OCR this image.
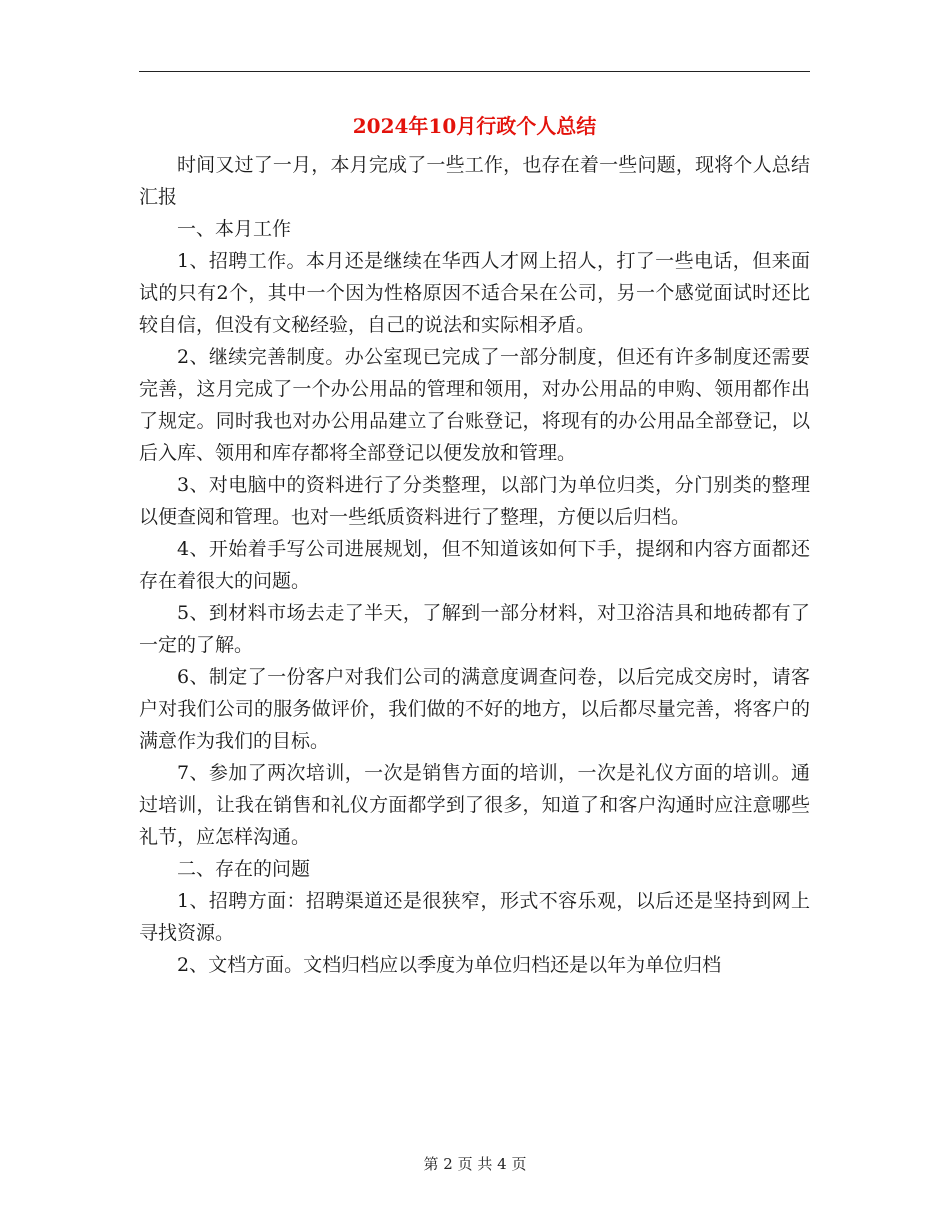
2024年10月行政个人总结

时间又过了一月，本月完成了一些工作，也存在着一些问题，现将个人总结汇报

一、本月工作

1、招聘工作。本月还是继续在华西人才网上招人，打了一些电话，但来面试的只有2个，其中一个因为性格原因不适合呆在公司，另一个感觉面试时还比较自信，但没有文秘经验，自己的说法和实际相矛盾。

2、继续完善制度。办公室现已完成了一部分制度，但还有许多制度还需要完善，这月完成了一个办公用品的管理和领用，对办公用品的申购、领用都作出了规定。同时我也对办公用品建立了台账登记，将现有的办公用品全部登记，以后入库、领用和库存都将全部登记以便发放和管理。

3、对电脑中的资料进行了分类整理，以部门为单位归类，分门别类的整理以便查阅和管理。也对一些纸质资料进行了整理，方便以后归档。

4、开始着手写公司进展规划，但不知道该如何下手，提纲和内容方面都还存在着很大的问题。

5、到材料市场去走了半天，了解到一部分材料，对卫浴洁具和地砖都有了一定的了解。

6、制定了一份客户对我们公司的满意度调查问卷，以后完成交房时，请客户对我们公司的服务做评价，我们做的不好的地方，以后都尽量完善，将客户的满意作为我们的目标。

7、参加了两次培训，一次是销售方面的培训，一次是礼仪方面的培训。通过培训，让我在销售和礼仪方面都学到了很多，知道了和客户沟通时应注意哪些礼节，应怎样沟通。

二、存在的问题

1、招聘方面：招聘渠道还是很狭窄，形式不容乐观，以后还是坚持到网上寻找资源。

2、文档方面。文档归档应以季度为单位归档还是以年为单位归档

第 2 页 共 4 页
